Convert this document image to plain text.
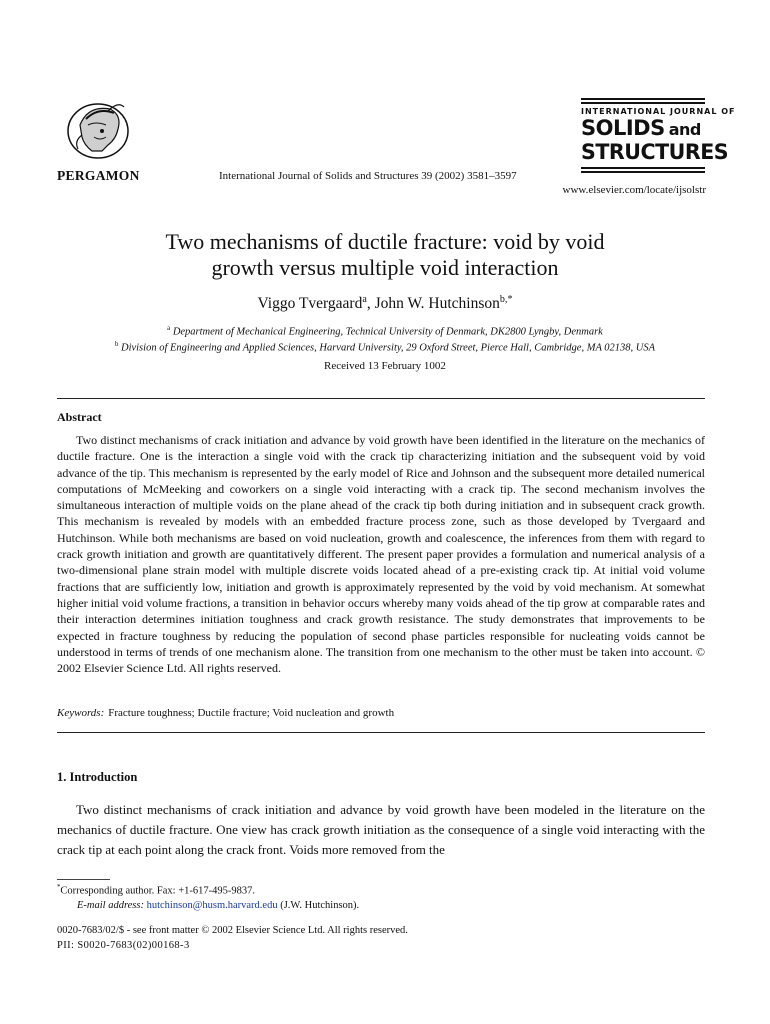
PERGAMON	International Journal of Solids and Structures 39 (2002) 3581–3597
INTERNATIONAL JOURNAL OF
SOLIDS and
STRUCTURES
www.elsevier.com/locate/ijsolstr
Two mechanisms of ductile fracture: void by void
growth versus multiple void interaction
Viggo Tvergaard$^a$, John W. Hutchinson$^{b,*}$
$^a$ Department of Mechanical Engineering, Technical University of Denmark, DK2800 Lyngby, Denmark
$^b$ Division of Engineering and Applied Sciences, Harvard University, 29 Oxford Street, Pierce Hall, Cambridge, MA 02138, USA
Received 13 February 1002
Abstract
Two distinct mechanisms of crack initiation and advance by void growth have been identified in the literature on the mechanics of ductile fracture. One is the interaction a single void with the crack tip characterizing initiation and the subsequent void by void advance of the tip. This mechanism is represented by the early model of Rice and Johnson and the subsequent more detailed numerical computations of McMeeking and coworkers on a single void interacting with a crack tip. The second mechanism involves the simultaneous interaction of multiple voids on the plane ahead of the crack tip both during initiation and in subsequent crack growth. This mechanism is revealed by models with an embedded fracture process zone, such as those developed by Tvergaard and Hutchinson. While both mechanisms are based on void nucleation, growth and coalescence, the inferences from them with regard to crack growth initiation and growth are quantitatively different. The present paper provides a formulation and numerical analysis of a two-dimensional plane strain model with multiple discrete voids located ahead of a pre-existing crack tip. At initial void volume fractions that are sufficiently low, initiation and growth is approximately represented by the void by void mechanism. At somewhat higher initial void volume fractions, a transition in behavior occurs whereby many voids ahead of the tip grow at comparable rates and their interaction determines initiation toughness and crack growth resistance. The study demonstrates that improvements to be expected in fracture toughness by reducing the population of second phase particles responsible for nucleating voids cannot be understood in terms of trends of one mechanism alone. The transition from one mechanism to the other must be taken into account. © 2002 Elsevier Science Ltd. All rights reserved.
Keywords: Fracture toughness; Ductile fracture; Void nucleation and growth
1. Introduction
Two distinct mechanisms of crack initiation and advance by void growth have been modeled in the literature on the mechanics of ductile fracture. One view has crack growth initiation as the consequence of a single void interacting with the crack tip at each point along the crack front. Voids more removed from the
*Corresponding author. Fax: +1-617-495-9837.
E-mail address: hutchinson@husm.harvard.edu (J.W. Hutchinson).
0020-7683/02/$ - see front matter © 2002 Elsevier Science Ltd. All rights reserved.
PII: S0020-7683(02)00168-3
